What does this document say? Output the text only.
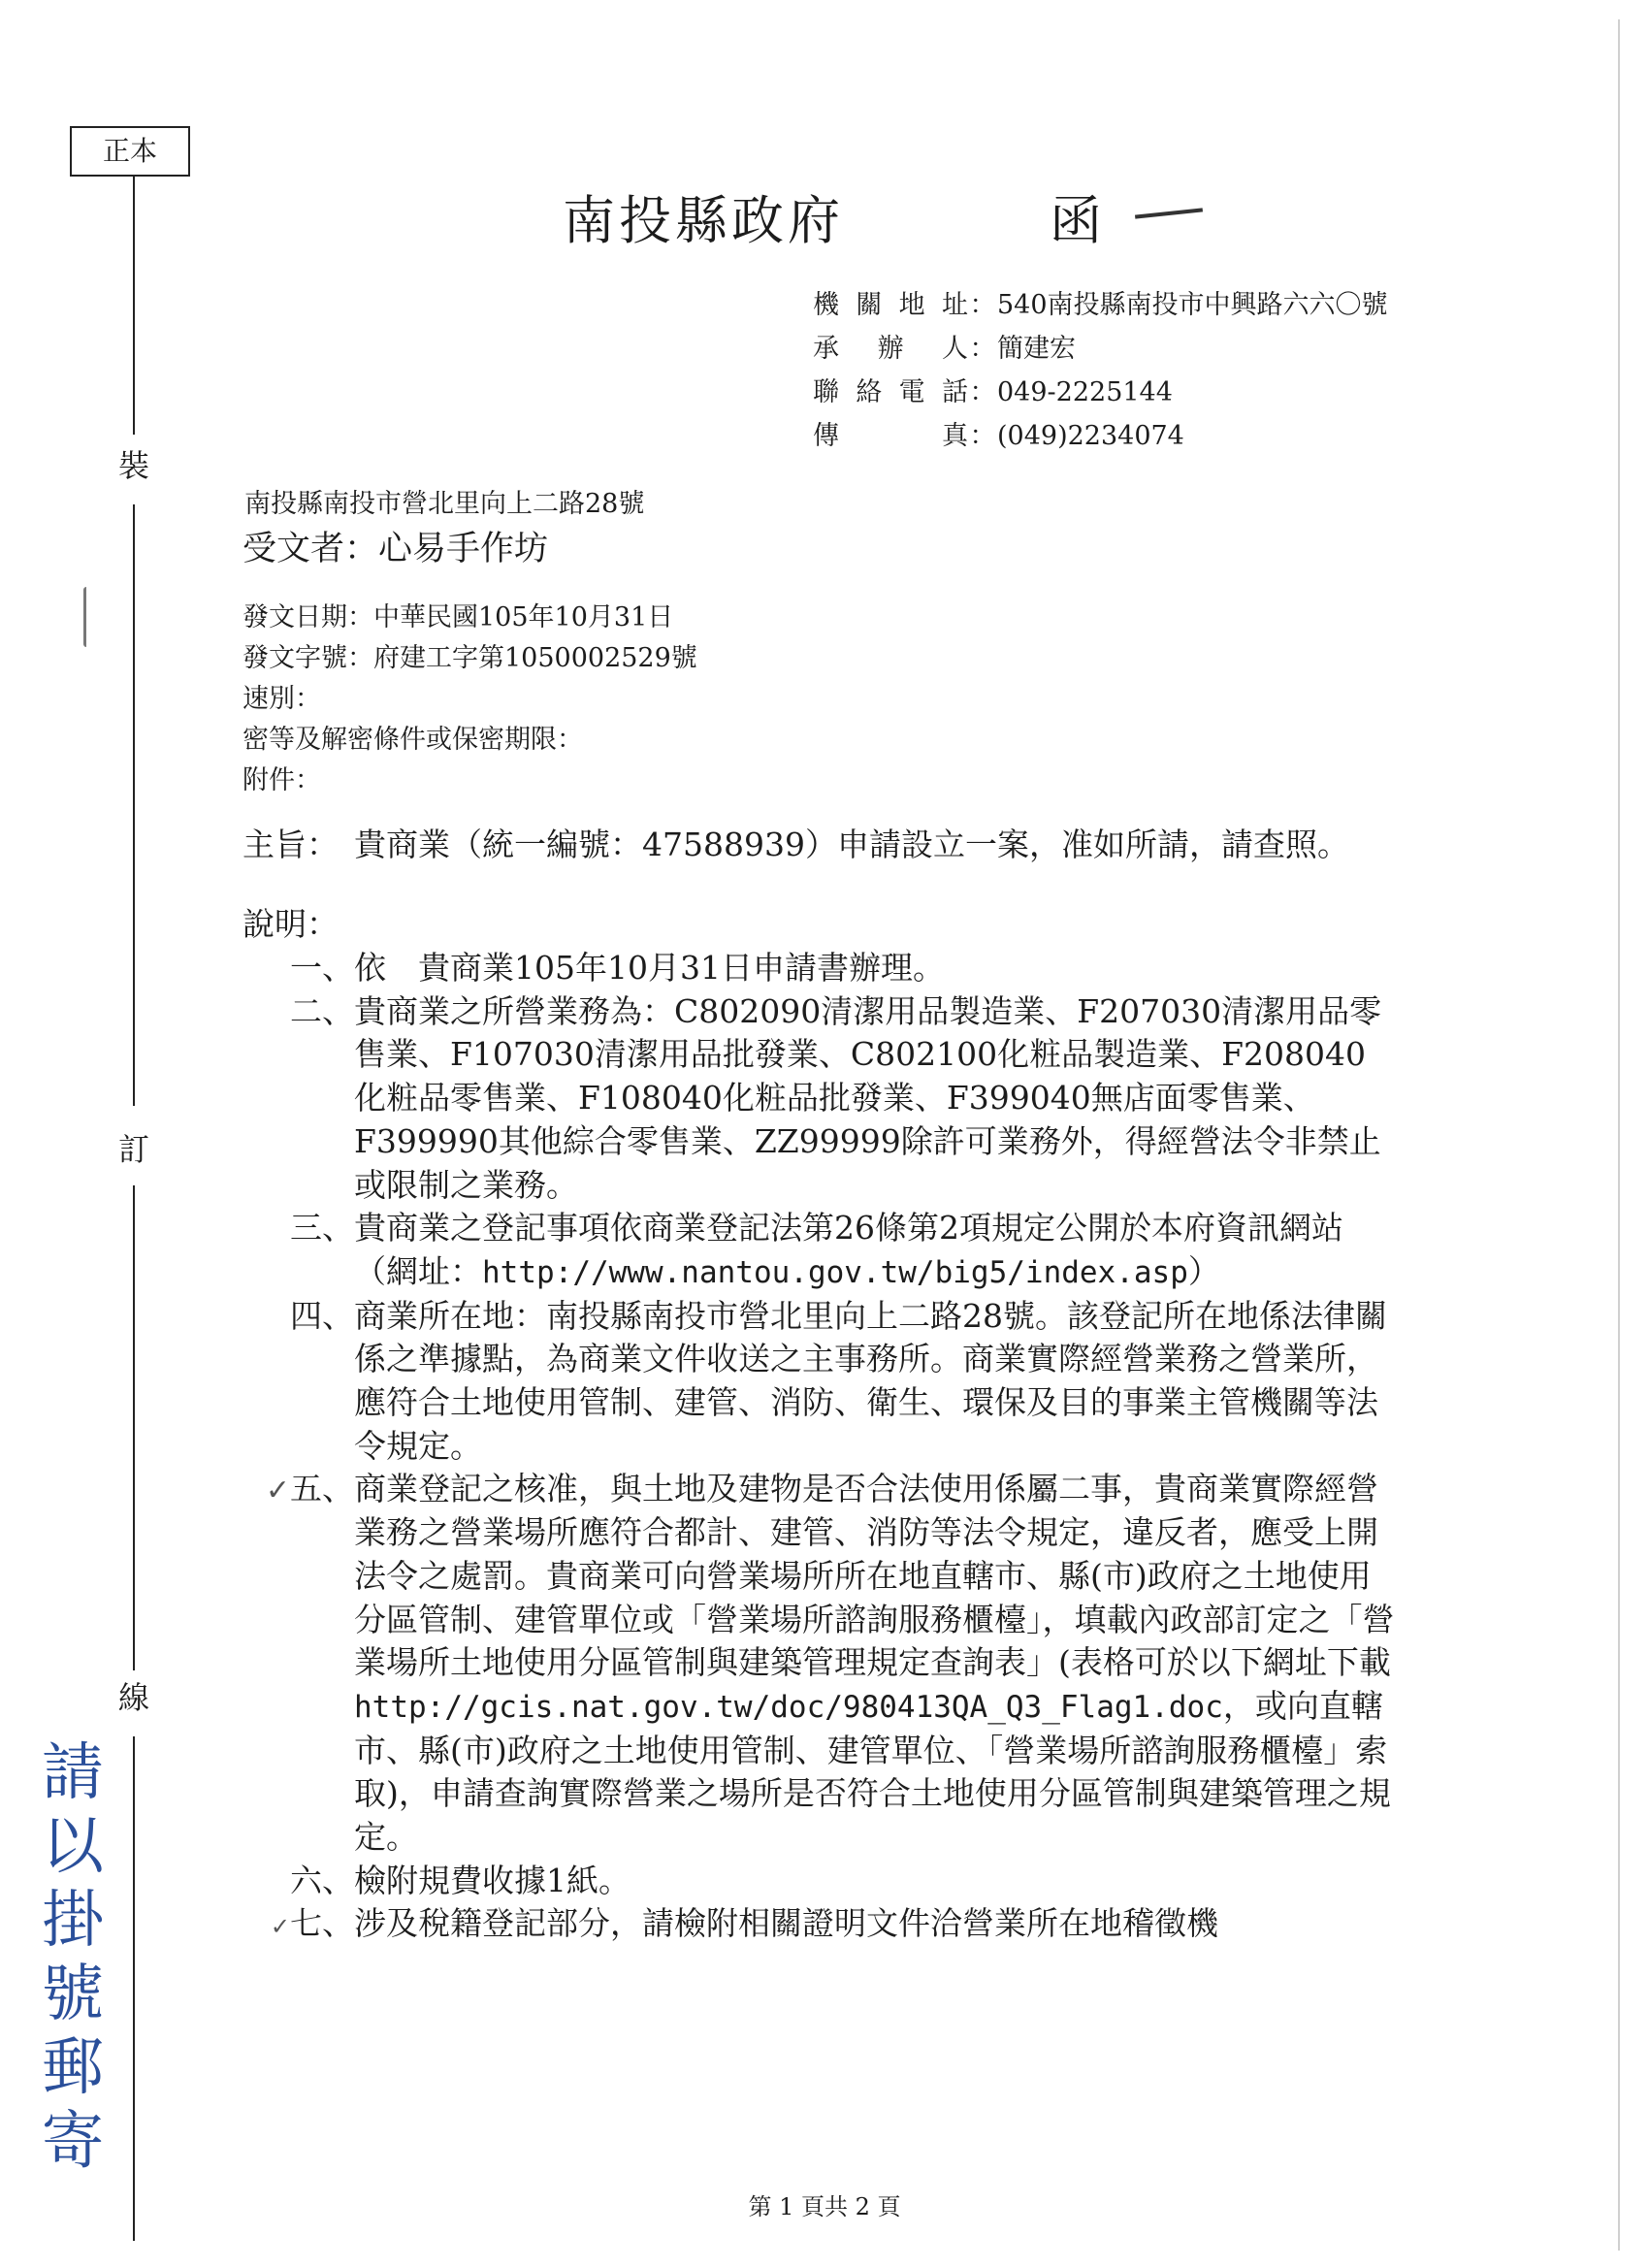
正本
裝
訂
線
請以掛號郵寄
南投縣政府	函
機 關 地 址 ： 540南投縣南投市中興路六六〇號
承 辦 人 ： 簡建宏
聯 絡 電 話 ： 049-2225144
傳	真 ： (049)2234074
南投縣南投市營北里向上二路28號
受文者：心易手作坊
發文日期：中華民國105年10月31日
發文字號：府建工字第1050002529號
速別：
密等及解密條件或保密期限：
附件：
主旨： 貴商業（統一編號：47588939）申請設立一案，准如所請，請查照。
說明：
一、 依　貴商業105年10月31日申請書辦理。
二、 貴商業之所營業務為：C802090清潔用品製造業、F207030清潔用品零售業、F107030清潔用品批發業、C802100化粧品製造業、F208040化粧品零售業、F108040化粧品批發業、F399040無店面零售業、F399990其他綜合零售業、ZZ99999除許可業務外，得經營法令非禁止或限制之業務。
三、 貴商業之登記事項依商業登記法第26條第2項規定公開於本府資訊網站（網址：http://www.nantou.gov.tw/big5/index.asp）
四、 商業所在地：南投縣南投市營北里向上二路28號。該登記所在地係法律關係之準據點，為商業文件收送之主事務所。商業實際經營業務之營業所，應符合土地使用管制、建管、消防、衛生、環保及目的事業主管機關等法令規定。
✓五、 商業登記之核准，與土地及建物是否合法使用係屬二事，貴商業實際經營業務之營業場所應符合都計、建管、消防等法令規定，違反者，應受上開法令之處罰。貴商業可向營業場所所在地直轄市、縣(市)政府之土地使用分區管制、建管單位或「營業場所諮詢服務櫃檯」，填載內政部訂定之「營業場所土地使用分區管制與建築管理規定查詢表」(表格可於以下網址下載http://gcis.nat.gov.tw/doc/980413QA_Q3_Flag1.doc，或向直轄市、縣(市)政府之土地使用管制、建管單位、「營業場所諮詢服務櫃檯」索取)，申請查詢實際營業之場所是否符合土地使用分區管制與建築管理之規定。
六、 檢附規費收據1紙。
✓七、 涉及稅籍登記部分，請檢附相關證明文件洽營業所在地稽徵機
第 1 頁共 2 頁
